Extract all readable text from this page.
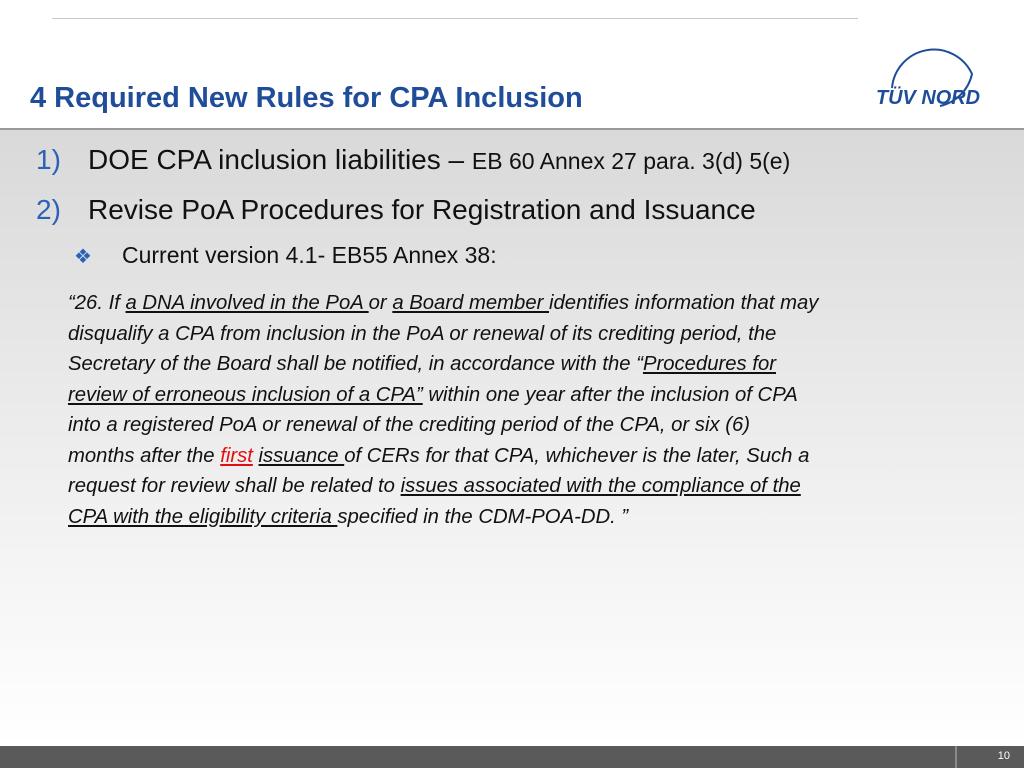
4 Required New Rules for CPA Inclusion	TÜV NORD
1) DOE CPA inclusion liabilities – EB 60 Annex 27 para. 3(d) 5(e)
2) Revise PoA Procedures for Registration and Issuance
❖ Current version 4.1- EB55 Annex 38:
“26. If a DNA involved in the PoA or a Board member identifies information that may
disqualify a CPA from inclusion in the PoA or renewal of its crediting period, the
Secretary of the Board shall be notified, in accordance with the “Procedures for
review of erroneous inclusion of a CPA” within one year after the inclusion of CPA
into a registered PoA or renewal of the crediting period of the CPA, or six (6)
months after the first issuance of CERs for that CPA, whichever is the later, Such a
request for review shall be related to issues associated with the compliance of the
CPA with the eligibility criteria specified in the CDM-POA-DD. ”
10
